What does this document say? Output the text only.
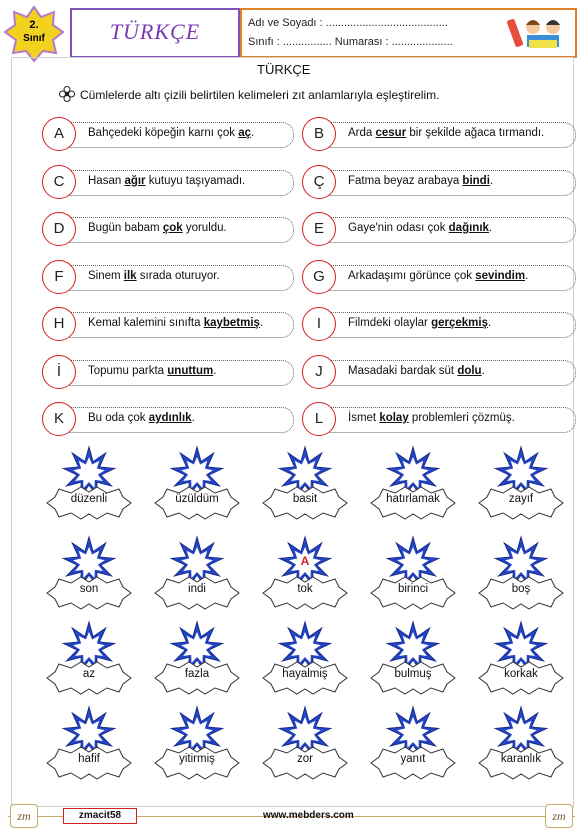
2.
Sınıf	TÜRKÇE	Adı ve Soyadı : ........................................
Sınıfı : ................ Numarası : ....................
TÜRKÇE
Cümlelerde altı çizili belirtilen kelimeleri zıt anlamlarıyla eşleştirelim.
Bahçedeki köpeğin karnı çok aç.
A	Arda cesur bir şekilde ağaca tırmandı.
B
Hasan ağır kutuyu taşıyamadı.
C	Fatma beyaz arabaya bindi.
Ç
Bugün babam çok yoruldu.
D	Gaye'nin odası çok dağınık.
E
Sinem ilk sırada oturuyor.
F	Arkadaşımı görünce çok sevindim.
G
Kemal kalemini sınıfta kaybetmiş.
H	Filmdeki olaylar gerçekmiş.
I
Topumu parkta unuttum.
İ	Masadaki bardak süt dolu.
J
Bu oda çok aydınlık.
K	İsmet kolay problemleri çözmüş.
L
düzenli	üzüldüm	basit	hatırlamak	zayıf
son	indi
A
tok	birinci	boş
az	fazla	hayalmiş	bulmuş	korkak
hafif	yitirmiş	zor	yanıt	karanlık
zm	zmacit58	www.mebders.com	zm
